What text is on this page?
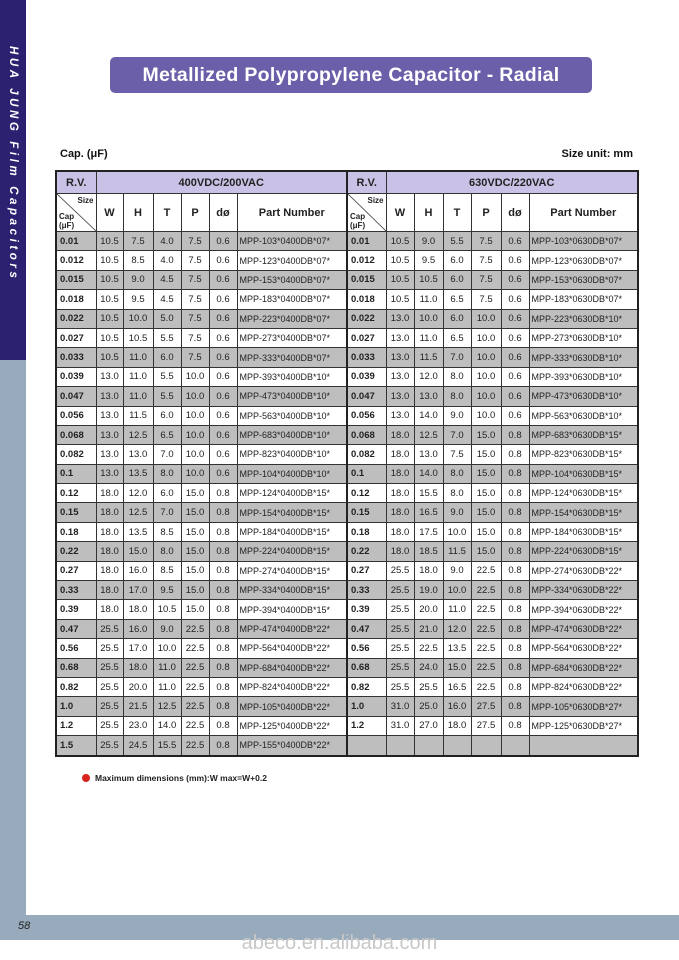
HUA JUNG Film Capacitors	Metallized Polypropylene Capacitor - Radial
Cap. (μF)	Size unit: mm
R.V.	400VDC/200VAC						R.V.	630VDC/220VAC					

Size
Cap
(μF)	W	H	T	P	dø	Part Number	Size
Cap
(μF)	W	H	T	P	dø	Part Number
0.01	10.5	7.5	4.0	7.5	0.6	MPP-103*0400DB*07*	0.01	10.5	9.0	5.5	7.5	0.6	MPP-103*0630DB*07*
0.012	10.5	8.5	4.0	7.5	0.6	MPP-123*0400DB*07*	0.012	10.5	9.5	6.0	7.5	0.6	MPP-123*0630DB*07*
0.015	10.5	9.0	4.5	7.5	0.6	MPP-153*0400DB*07*	0.015	10.5	10.5	6.0	7.5	0.6	MPP-153*0630DB*07*
0.018	10.5	9.5	4.5	7.5	0.6	MPP-183*0400DB*07*	0.018	10.5	11.0	6.5	7.5	0.6	MPP-183*0630DB*07*
0.022	10.5	10.0	5.0	7.5	0.6	MPP-223*0400DB*07*	0.022	13.0	10.0	6.0	10.0	0.6	MPP-223*0630DB*10*
0.027	10.5	10.5	5.5	7.5	0.6	MPP-273*0400DB*07*	0.027	13.0	11.0	6.5	10.0	0.6	MPP-273*0630DB*10*
0.033	10.5	11.0	6.0	7.5	0.6	MPP-333*0400DB*07*	0.033	13.0	11.5	7.0	10.0	0.6	MPP-333*0630DB*10*
0.039	13.0	11.0	5.5	10.0	0.6	MPP-393*0400DB*10*	0.039	13.0	12.0	8.0	10.0	0.6	MPP-393*0630DB*10*
0.047	13.0	11.0	5.5	10.0	0.6	MPP-473*0400DB*10*	0.047	13.0	13.0	8.0	10.0	0.6	MPP-473*0630DB*10*
0.056	13.0	11.5	6.0	10.0	0.6	MPP-563*0400DB*10*	0.056	13.0	14.0	9.0	10.0	0.6	MPP-563*0630DB*10*
0.068	13.0	12.5	6.5	10.0	0.6	MPP-683*0400DB*10*	0.068	18.0	12.5	7.0	15.0	0.8	MPP-683*0630DB*15*
0.082	13.0	13.0	7.0	10.0	0.6	MPP-823*0400DB*10*	0.082	18.0	13.0	7.5	15.0	0.8	MPP-823*0630DB*15*
0.1	13.0	13.5	8.0	10.0	0.6	MPP-104*0400DB*10*	0.1	18.0	14.0	8.0	15.0	0.8	MPP-104*0630DB*15*
0.12	18.0	12.0	6.0	15.0	0.8	MPP-124*0400DB*15*	0.12	18.0	15.5	8.0	15.0	0.8	MPP-124*0630DB*15*
0.15	18.0	12.5	7.0	15.0	0.8	MPP-154*0400DB*15*	0.15	18.0	16.5	9.0	15.0	0.8	MPP-154*0630DB*15*
0.18	18.0	13.5	8.5	15.0	0.8	MPP-184*0400DB*15*	0.18	18.0	17.5	10.0	15.0	0.8	MPP-184*0630DB*15*
0.22	18.0	15.0	8.0	15.0	0.8	MPP-224*0400DB*15*	0.22	18.0	18.5	11.5	15.0	0.8	MPP-224*0630DB*15*
0.27	18.0	16.0	8.5	15.0	0.8	MPP-274*0400DB*15*	0.27	25.5	18.0	9.0	22.5	0.8	MPP-274*0630DB*22*
0.33	18.0	17.0	9.5	15.0	0.8	MPP-334*0400DB*15*	0.33	25.5	19.0	10.0	22.5	0.8	MPP-334*0630DB*22*
0.39	18.0	18.0	10.5	15.0	0.8	MPP-394*0400DB*15*	0.39	25.5	20.0	11.0	22.5	0.8	MPP-394*0630DB*22*
0.47	25.5	16.0	9.0	22.5	0.8	MPP-474*0400DB*22*	0.47	25.5	21.0	12.0	22.5	0.8	MPP-474*0630DB*22*
0.56	25.5	17.0	10.0	22.5	0.8	MPP-564*0400DB*22*	0.56	25.5	22.5	13.5	22.5	0.8	MPP-564*0630DB*22*
0.68	25.5	18.0	11.0	22.5	0.8	MPP-684*0400DB*22*	0.68	25.5	24.0	15.0	22.5	0.8	MPP-684*0630DB*22*
0.82	25.5	20.0	11.0	22.5	0.8	MPP-824*0400DB*22*	0.82	25.5	25.5	16.5	22.5	0.8	MPP-824*0630DB*22*
1.0	25.5	21.5	12.5	22.5	0.8	MPP-105*0400DB*22*	1.0	31.0	25.0	16.0	27.5	0.8	MPP-105*0630DB*27*
1.2	25.5	23.0	14.0	22.5	0.8	MPP-125*0400DB*22*	1.2	31.0	27.0	18.0	27.5	0.8	MPP-125*0630DB*27*
1.5	25.5	24.5	15.5	22.5	0.8	MPP-155*0400DB*22*							
Maximum dimensions (mm):W max=W+0.2
58
abeco.en.alibaba.com
